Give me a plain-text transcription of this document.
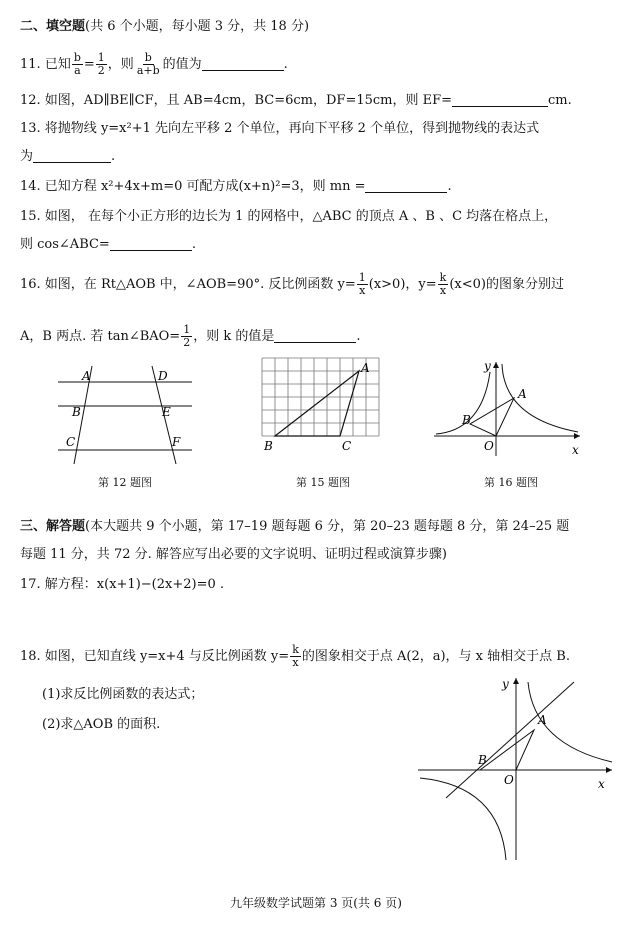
二、填空题(共 6 个小题，每小题 3 分，共 18 分)
11. 已知 $\frac{b}{a} = \frac{1}{2}$ ，则 $\frac{b}{a+b}$ 的值为	.
12. 如图，AD∥BE∥CF，且 AB=4cm，BC=6cm，DF=15cm，则 EF=	cm.
13. 将抛物线 y=x²+1 先向左平移 2 个单位，再向下平移 2 个单位，得到抛物线的表达式
为	.
14. 已知方程 x²+4x+m=0 可配方成(x+n)²=3，则 mn =	.
15. 如图， 在每个小正方形的边长为 1 的网格中，△ABC 的顶点 A 、B 、C 均落在格点上，
则 cos∠ABC=	.
16. 如图，在 Rt△AOB 中，∠AOB=90°. 反比例函数 $y= \frac{1}{x} (x>0)$，$y= \frac{k}{x} (x<0)$的图象分别过
A，B 两点. 若 tan∠BAO= $\frac{1}{2}$ ，则 k 的值是	.
A	D
B	E
C	F
第 12 题图
A
B	C
第 15 题图
y
A
B
O	x
第 16 题图
三、解答题(本大题共 9 个小题，第 17–19 题每题 6 分，第 20–23 题每题 8 分，第 24–25 题
每题 11 分，共 72 分. 解答应写出必要的文字说明、证明过程或演算步骤)
17. 解方程：x(x+1)−(2x+2)=0 .
18. 如图，已知直线 y=x+4 与反比例函数 $y= \frac{k}{x}$ 的图象相交于点 A(2，a)，与 x 轴相交于点 B.
(1)求反比例函数的表达式；
(2)求△AOB 的面积.
y
A
B
O	x
九年级数学试题第 3 页(共 6 页)
